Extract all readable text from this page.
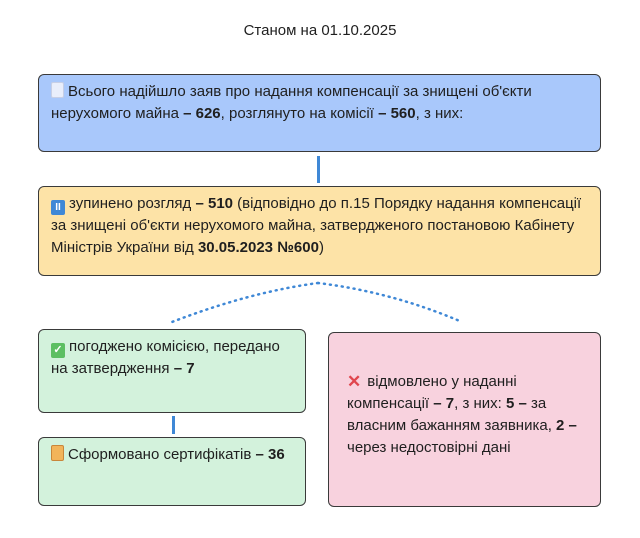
Станом на 01.10.2025
Всього надійшло заяв про надання компенсації за знищені об'єкти нерухомого майна – 626, розглянуто на комісії – 560, з них:
II зупинено розгляд – 510 (відповідно до п.15 Порядку надання компенсації за знищені об'єкти нерухомого майна, затвердженого постановою Кабінету Міністрів України від 30.05.2023 №600)
✓ погоджено комісією, передано на затвердження – 7
Сформовано сертифікатів – 36
✕ відмовлено у наданні компенсації – 7, з них: 5 – за власним бажанням заявника, 2 – через недостовірні дані
